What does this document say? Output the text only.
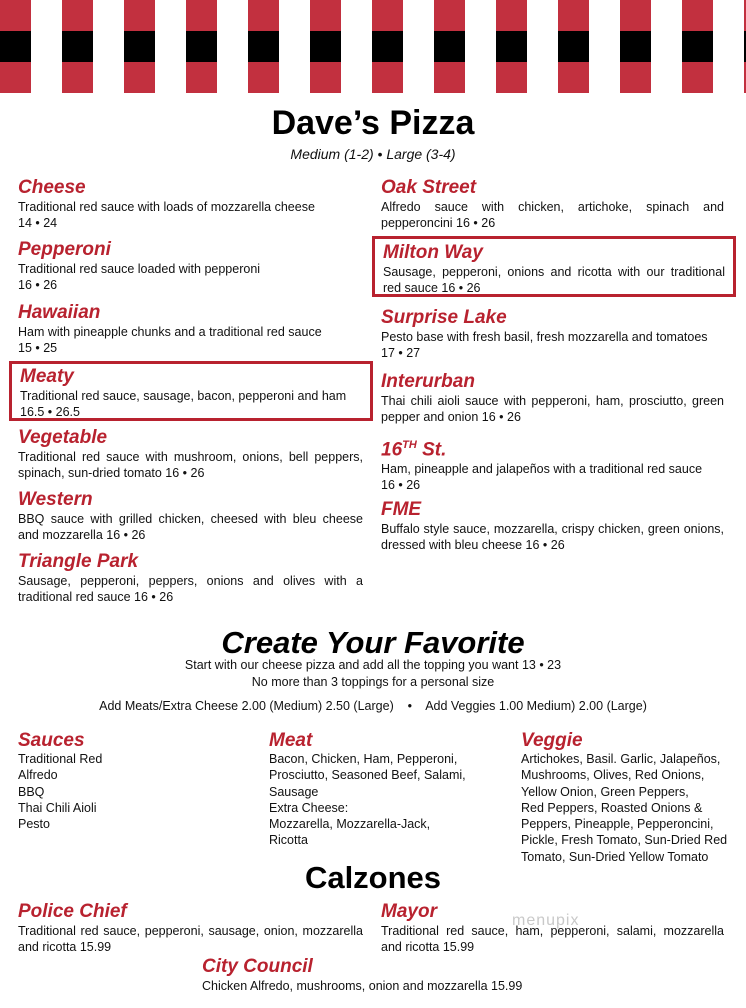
Dave’s Pizza
Medium (1-2) • Large (3-4)
Cheese
Traditional red sauce with loads of mozzarella cheese
14 • 24
Pepperoni
Traditional red sauce loaded with pepperoni
16 • 26
Hawaiian
Ham with pineapple chunks and a traditional red sauce
15 • 25
Meaty
Traditional red sauce, sausage, bacon, pepperoni and ham
16.5 • 26.5
Vegetable
Traditional red sauce with mushroom, onions, bell peppers, spinach, sun-dried tomato 16 • 26
Western
BBQ sauce with grilled chicken, cheesed with bleu cheese and mozzarella 16 • 26
Triangle Park
Sausage, pepperoni, peppers, onions and olives with a traditional red sauce 16 • 26
Oak Street
Alfredo sauce with chicken, artichoke, spinach and pepperoncini 16 • 26
Milton Way
Sausage, pepperoni, onions and ricotta with our traditional red sauce 16 • 26
Surprise Lake
Pesto base with fresh basil, fresh mozzarella and tomatoes
17 • 27
Interurban
Thai chili aioli sauce with pepperoni, ham, prosciutto, green pepper and onion 16 • 26
16TH St.
Ham, pineapple and jalapeños with a traditional red sauce
16 • 26
FME
Buffalo style sauce, mozzarella, crispy chicken, green onions, dressed with bleu cheese 16 • 26
Create Your Favorite
Start with our cheese pizza and add all the topping you want 13 • 23
No more than 3 toppings for a personal size
Add Meats/Extra Cheese 2.00 (Medium) 2.50 (Large)    •    Add Veggies 1.00 Medium) 2.00 (Large)
Sauces
Traditional Red
Alfredo
BBQ
Thai Chili Aioli
Pesto
Meat
Bacon, Chicken, Ham, Pepperoni,
Prosciutto, Seasoned Beef, Salami,
Sausage
Extra Cheese:
Mozzarella, Mozzarella-Jack,
Ricotta
Veggie
Artichokes, Basil. Garlic, Jalapeños,
Mushrooms, Olives, Red Onions,
Yellow Onion, Green Peppers,
Red Peppers, Roasted Onions &
Peppers, Pineapple, Pepperoncini,
Pickle, Fresh Tomato, Sun-Dried Red
Tomato, Sun-Dried Yellow Tomato
Calzones
Police Chief
Traditional red sauce, pepperoni, sausage, onion, mozzarella and ricotta 15.99
Mayor
Traditional red sauce, ham, pepperoni, salami, mozzarella and ricotta 15.99
City Council
Chicken Alfredo, mushrooms, onion and mozzarella 15.99
menupix
